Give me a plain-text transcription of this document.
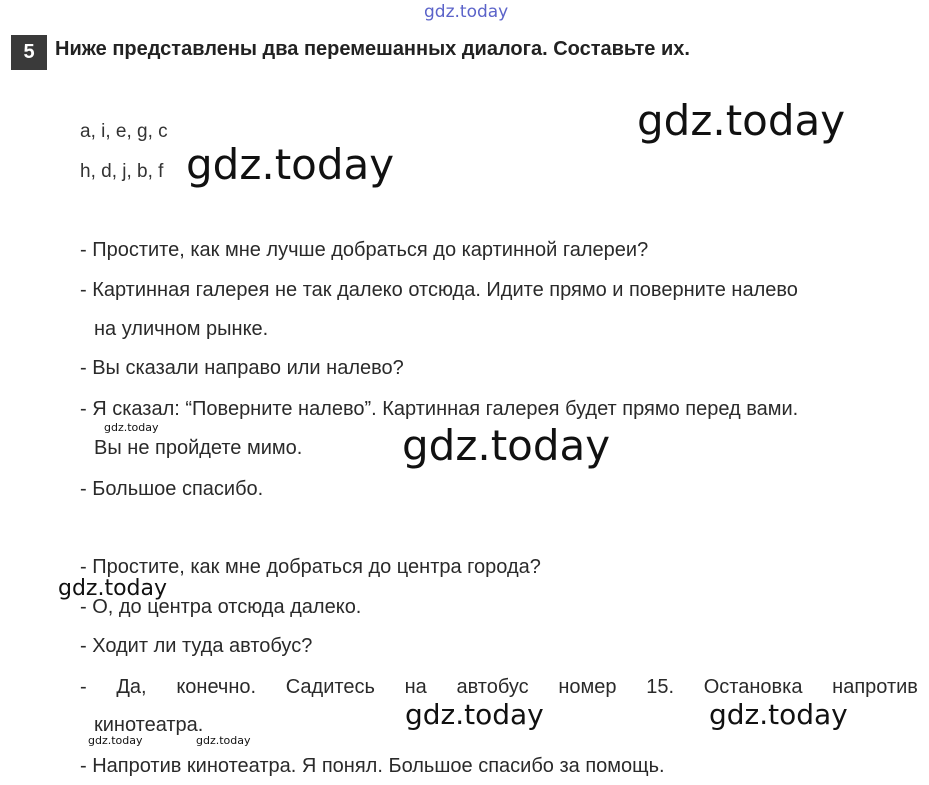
gdz.today
5	Ниже представлены два перемешанных диалога. Составьте их.
a, i, e, g, c
h, d, j, b, f
- Простите, как мне лучше добраться до картинной галереи?
- Картинная галерея не так далеко отсюда. Идите прямо и поверните налево
на уличном рынке.
- Вы сказали направо или налево?
- Я сказал: “Поверните налево”. Картинная галерея будет прямо перед вами.
Вы не пройдете мимо.
- Большое спасибо.
- Простите, как мне добраться до центра города?
- О, до центра отсюда далеко.
- Ходит ли туда автобус?
- Да, конечно. Садитесь на автобус номер 15. Остановка напротив
кинотеатра.
- Напротив кинотеатра. Я понял. Большое спасибо за помощь.
gdz.today
gdz.today
gdz.today
gdz.today
gdz.today	gdz.today
gdz.today
gdz.today	gdz.today
